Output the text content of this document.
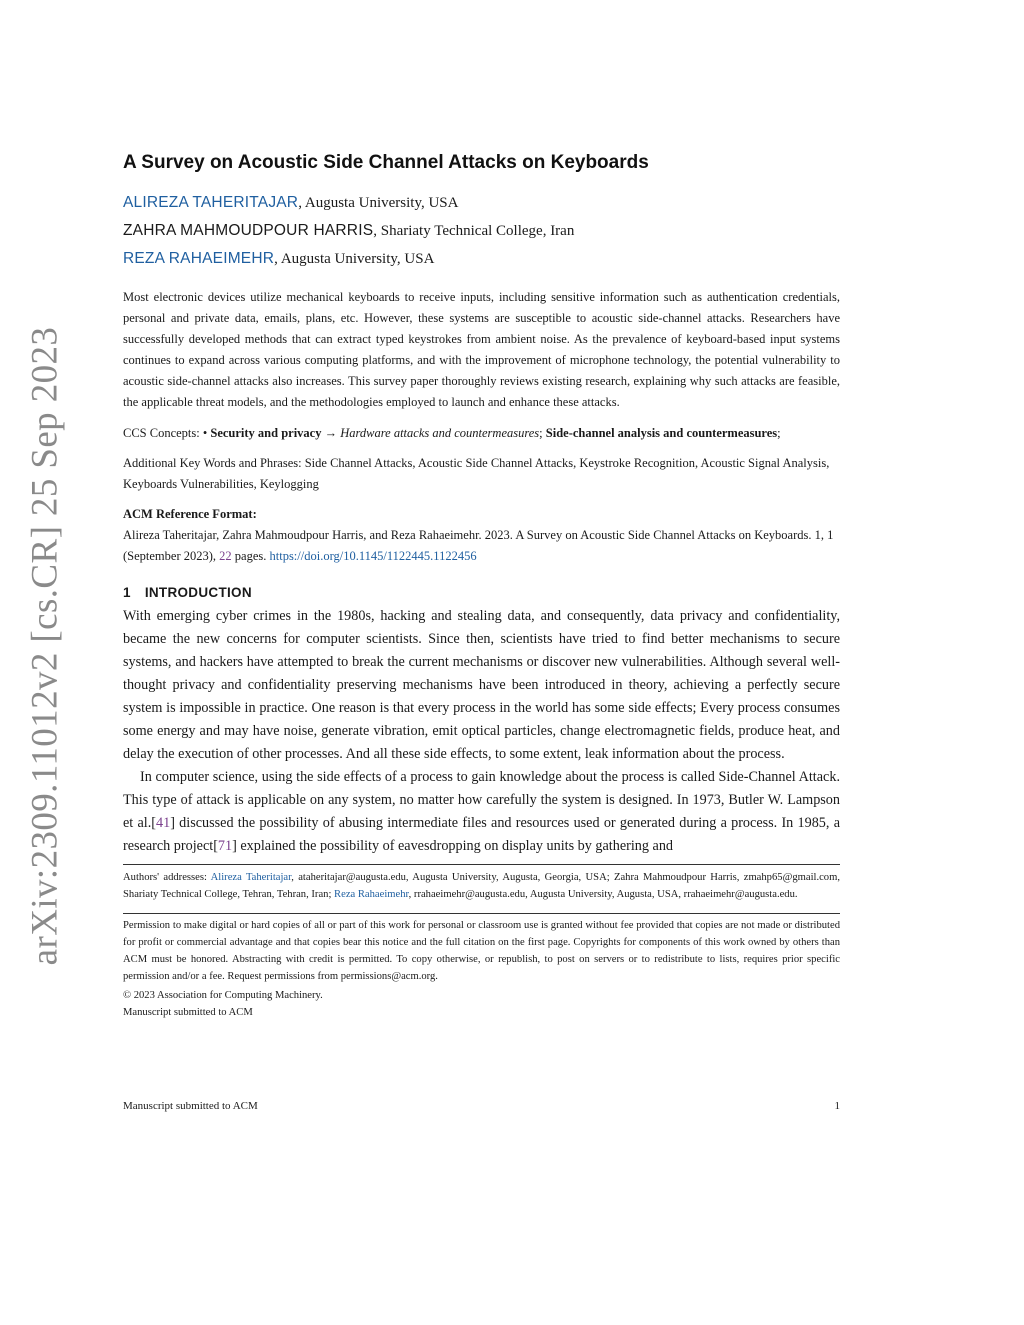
arXiv:2309.11012v2 [cs.CR] 25 Sep 2023
A Survey on Acoustic Side Channel Attacks on Keyboards

ALIREZA TAHERITAJAR, Augusta University, USA

ZAHRA MAHMOUDPOUR HARRIS, Shariaty Technical College, Iran

REZA RAHAEIMEHR, Augusta University, USA

Most electronic devices utilize mechanical keyboards to receive inputs, including sensitive information such as authentication credentials, personal and private data, emails, plans, etc. However, these systems are susceptible to acoustic side-channel attacks. Researchers have successfully developed methods that can extract typed keystrokes from ambient noise. As the prevalence of keyboard-based input systems continues to expand across various computing platforms, and with the improvement of microphone technology, the potential vulnerability to acoustic side-channel attacks also increases. This survey paper thoroughly reviews existing research, explaining why such attacks are feasible, the applicable threat models, and the methodologies employed to launch and enhance these attacks.

CCS Concepts: • Security and privacy → Hardware attacks and countermeasures; Side-channel analysis and countermeasures;

Additional Key Words and Phrases: Side Channel Attacks, Acoustic Side Channel Attacks, Keystroke Recognition, Acoustic Signal Analysis, Keyboards Vulnerabilities, Keylogging

ACM Reference Format:

Alireza Taheritajar, Zahra Mahmoudpour Harris, and Reza Rahaeimehr. 2023. A Survey on Acoustic Side Channel Attacks on Keyboards. 1, 1 (September 2023), 22 pages. https://doi.org/10.1145/1122445.1122456

1 INTRODUCTION

With emerging cyber crimes in the 1980s, hacking and stealing data, and consequently, data privacy and confidentiality, became the new concerns for computer scientists. Since then, scientists have tried to find better mechanisms to secure systems, and hackers have attempted to break the current mechanisms or discover new vulnerabilities. Although several well-thought privacy and confidentiality preserving mechanisms have been introduced in theory, achieving a perfectly secure system is impossible in practice. One reason is that every process in the world has some side effects; Every process consumes some energy and may have noise, generate vibration, emit optical particles, change electromagnetic fields, produce heat, and delay the execution of other processes. And all these side effects, to some extent, leak information about the process.

In computer science, using the side effects of a process to gain knowledge about the process is called Side-Channel Attack. This type of attack is applicable on any system, no matter how carefully the system is designed. In 1973, Butler W. Lampson et al.[41] discussed the possibility of abusing intermediate files and resources used or generated during a process. In 1985, a research project[71] explained the possibility of eavesdropping on display units by gathering and

Authors' addresses: Alireza Taheritajar, ataheritajar@augusta.edu, Augusta University, Augusta, Georgia, USA; Zahra Mahmoudpour Harris, zmahp65@gmail.com, Shariaty Technical College, Tehran, Tehran, Iran; Reza Rahaeimehr, rrahaeimehr@augusta.edu, Augusta University, Augusta, USA, rrahaeimehr@augusta.edu.

Permission to make digital or hard copies of all or part of this work for personal or classroom use is granted without fee provided that copies are not made or distributed for profit or commercial advantage and that copies bear this notice and the full citation on the first page. Copyrights for components of this work owned by others than ACM must be honored. Abstracting with credit is permitted. To copy otherwise, or republish, to post on servers or to redistribute to lists, requires prior specific permission and/or a fee. Request permissions from permissions@acm.org.

© 2023 Association for Computing Machinery.

Manuscript submitted to ACM

Manuscript submitted to ACM	1
